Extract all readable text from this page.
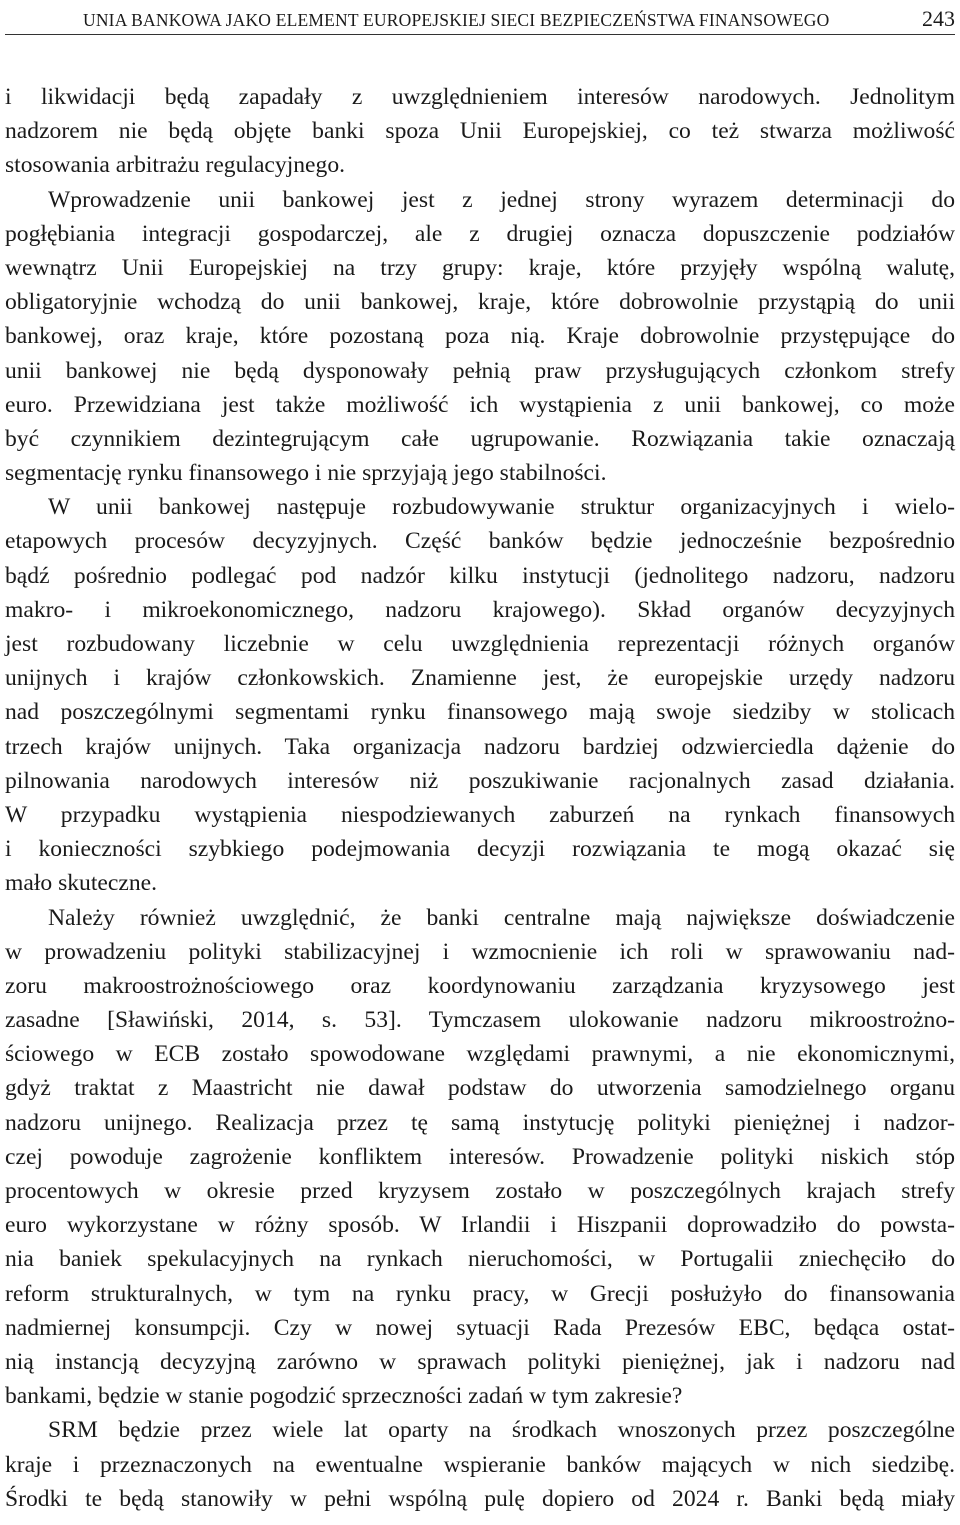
UNIA BANKOWA JAKO ELEMENT EUROPEJSKIEJ SIECI BEZPIECZEŃSTWA FINANSOWEGO	243
i likwidacji będą zapadały z uwzględnieniem interesów narodowych. Jednolitym
nadzorem nie będą objęte banki spoza Unii Europejskiej, co też stwarza możliwość
stosowania arbitrażu regulacyjnego.
Wprowadzenie unii bankowej jest z jednej strony wyrazem determinacji do
pogłębiania integracji gospodarczej, ale z drugiej oznacza dopuszczenie podziałów
wewnątrz Unii Europejskiej na trzy grupy: kraje, które przyjęły wspólną walutę,
obligatoryjnie wchodzą do unii bankowej, kraje, które dobrowolnie przystąpią do unii
bankowej, oraz kraje, które pozostaną poza nią. Kraje dobrowolnie przystępujące do
unii bankowej nie będą dysponowały pełnią praw przysługujących członkom strefy
euro. Przewidziana jest także możliwość ich wystąpienia z unii bankowej, co może
być czynnikiem dezintegrującym całe ugrupowanie. Rozwiązania takie oznaczają
segmentację rynku finansowego i nie sprzyjają jego stabilności.
W unii bankowej następuje rozbudowywanie struktur organizacyjnych i wielo-
etapowych procesów decyzyjnych. Część banków będzie jednocześnie bezpośrednio
bądź pośrednio podlegać pod nadzór kilku instytucji (jednolitego nadzoru, nadzoru
makro- i mikroekonomicznego, nadzoru krajowego). Skład organów decyzyjnych
jest rozbudowany liczebnie w celu uwzględnienia reprezentacji różnych organów
unijnych i krajów członkowskich. Znamienne jest, że europejskie urzędy nadzoru
nad poszczególnymi segmentami rynku finansowego mają swoje siedziby w stolicach
trzech krajów unijnych. Taka organizacja nadzoru bardziej odzwierciedla dążenie do
pilnowania narodowych interesów niż poszukiwanie racjonalnych zasad działania.
W przypadku wystąpienia niespodziewanych zaburzeń na rynkach finansowych
i konieczności szybkiego podejmowania decyzji rozwiązania te mogą okazać się
mało skuteczne.
Należy również uwzględnić, że banki centralne mają największe doświadczenie
w prowadzeniu polityki stabilizacyjnej i wzmocnienie ich roli w sprawowaniu nad-
zoru makroostrożnościowego oraz koordynowaniu zarządzania kryzysowego jest
zasadne [Sławiński, 2014, s. 53]. Tymczasem ulokowanie nadzoru mikroostrożno-
ściowego w ECB zostało spowodowane względami prawnymi, a nie ekonomicznymi,
gdyż traktat z Maastricht nie dawał podstaw do utworzenia samodzielnego organu
nadzoru unijnego. Realizacja przez tę samą instytucję polityki pieniężnej i nadzor-
czej powoduje zagrożenie konfliktem interesów. Prowadzenie polityki niskich stóp
procentowych w okresie przed kryzysem zostało w poszczególnych krajach strefy
euro wykorzystane w różny sposób. W Irlandii i Hiszpanii doprowadziło do powsta-
nia baniek spekulacyjnych na rynkach nieruchomości, w Portugalii zniechęciło do
reform strukturalnych, w tym na rynku pracy, w Grecji posłużyło do finansowania
nadmiernej konsumpcji. Czy w nowej sytuacji Rada Prezesów EBC, będąca ostat-
nią instancją decyzyjną zarówno w sprawach polityki pieniężnej, jak i nadzoru nad
bankami, będzie w stanie pogodzić sprzeczności zadań w tym zakresie?
SRM będzie przez wiele lat oparty na środkach wnoszonych przez poszczególne
kraje i przeznaczonych na ewentualne wspieranie banków mających w nich siedzibę.
Środki te będą stanowiły w pełni wspólną pulę dopiero od 2024 r. Banki będą miały
